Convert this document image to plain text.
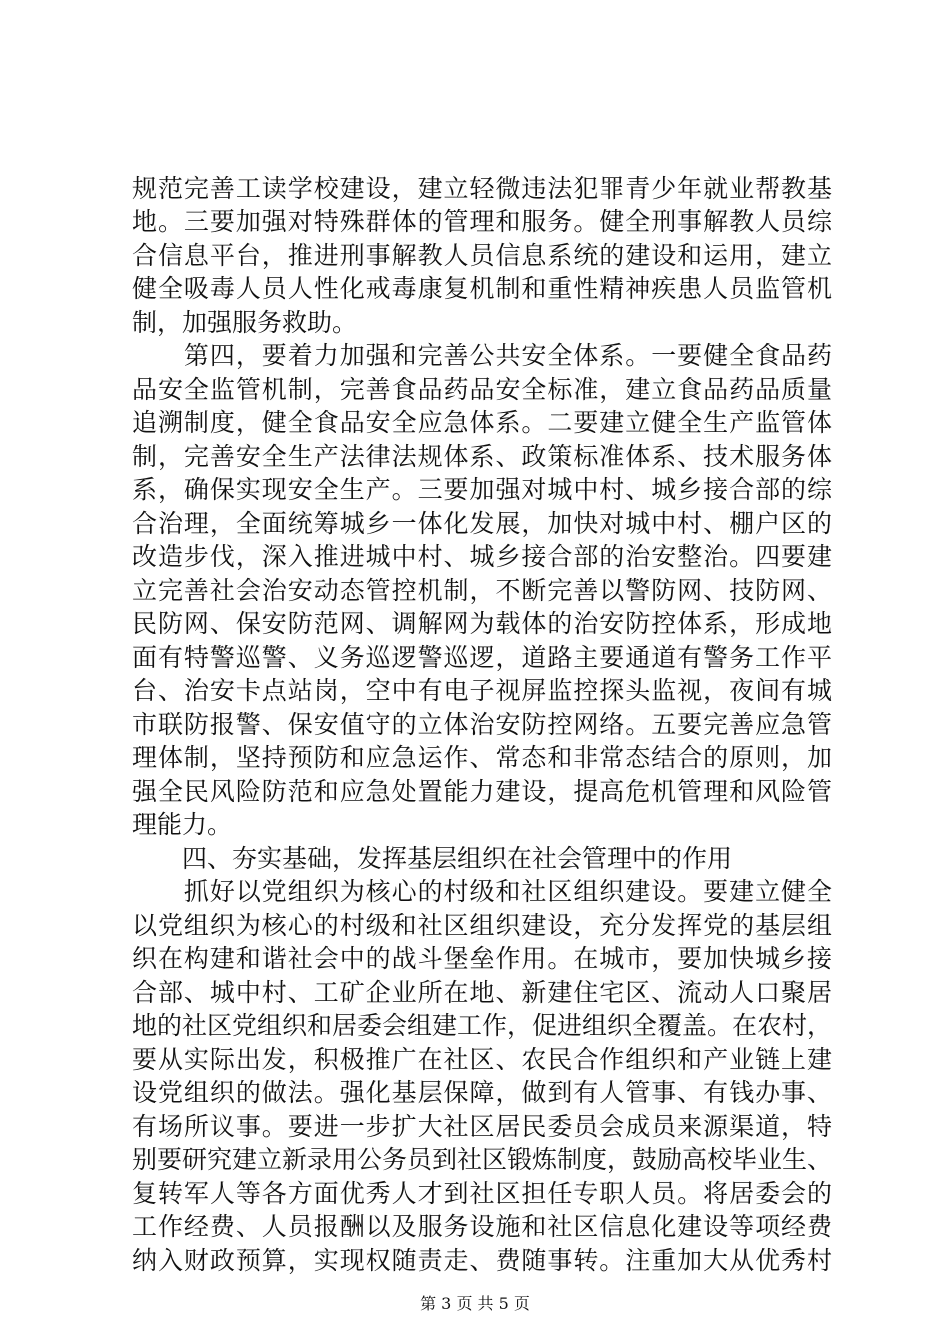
规范完善工读学校建设，建立轻微违法犯罪青少年就业帮教基
地。三要加强对特殊群体的管理和服务。健全刑事解教人员综
合信息平台，推进刑事解教人员信息系统的建设和运用，建立
健全吸毒人员人性化戒毒康复机制和重性精神疾患人员监管机
制，加强服务救助。
　　第四，要着力加强和完善公共安全体系。一要健全食品药
品安全监管机制，完善食品药品安全标准，建立食品药品质量
追溯制度，健全食品安全应急体系。二要建立健全生产监管体
制，完善安全生产法律法规体系、政策标准体系、技术服务体
系，确保实现安全生产。三要加强对城中村、城乡接合部的综
合治理，全面统筹城乡一体化发展，加快对城中村、棚户区的
改造步伐，深入推进城中村、城乡接合部的治安整治。四要建
立完善社会治安动态管控机制，不断完善以警防网、技防网、
民防网、保安防范网、调解网为载体的治安防控体系，形成地
面有特警巡警、义务巡逻警巡逻，道路主要通道有警务工作平
台、治安卡点站岗，空中有电子视屏监控探头监视，夜间有城
市联防报警、保安值守的立体治安防控网络。五要完善应急管
理体制，坚持预防和应急运作、常态和非常态结合的原则，加
强全民风险防范和应急处置能力建设，提高危机管理和风险管
理能力。
　　四、夯实基础，发挥基层组织在社会管理中的作用
　　抓好以党组织为核心的村级和社区组织建设。要建立健全
以党组织为核心的村级和社区组织建设，充分发挥党的基层组
织在构建和谐社会中的战斗堡垒作用。在城市，要加快城乡接
合部、城中村、工矿企业所在地、新建住宅区、流动人口聚居
地的社区党组织和居委会组建工作，促进组织全覆盖。在农村，
要从实际出发，积极推广在社区、农民合作组织和产业链上建
设党组织的做法。强化基层保障，做到有人管事、有钱办事、
有场所议事。要进一步扩大社区居民委员会成员来源渠道，特
别要研究建立新录用公务员到社区锻炼制度，鼓励高校毕业生、
复转军人等各方面优秀人才到社区担任专职人员。将居委会的
工作经费、人员报酬以及服务设施和社区信息化建设等项经费
纳入财政预算，实现权随责走、费随事转。注重加大从优秀村
第 3 页 共 5 页
